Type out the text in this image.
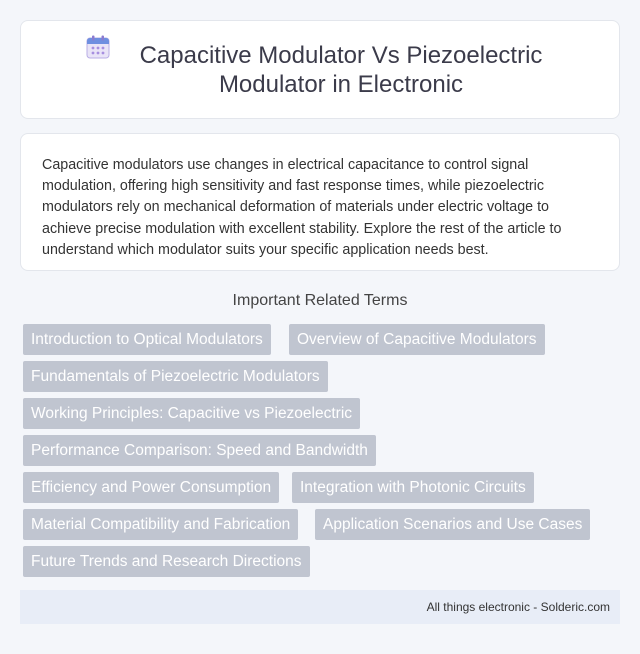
Capacitive Modulator Vs Piezoelectric Modulator in Electronic

Capacitive modulators use changes in electrical capacitance to control signal modulation, offering high sensitivity and fast response times, while piezoelectric modulators rely on mechanical deformation of materials under electric voltage to achieve precise modulation with excellent stability. Explore the rest of the article to understand which modulator suits your specific application needs best.

Important Related Terms
Introduction to Optical Modulators	Overview of Capacitive Modulators
Fundamentals of Piezoelectric Modulators
Working Principles: Capacitive vs Piezoelectric
Performance Comparison: Speed and Bandwidth
Efficiency and Power Consumption	Integration with Photonic Circuits
Material Compatibility and Fabrication	Application Scenarios and Use Cases
Future Trends and Research Directions
All things electronic - Solderic.com
